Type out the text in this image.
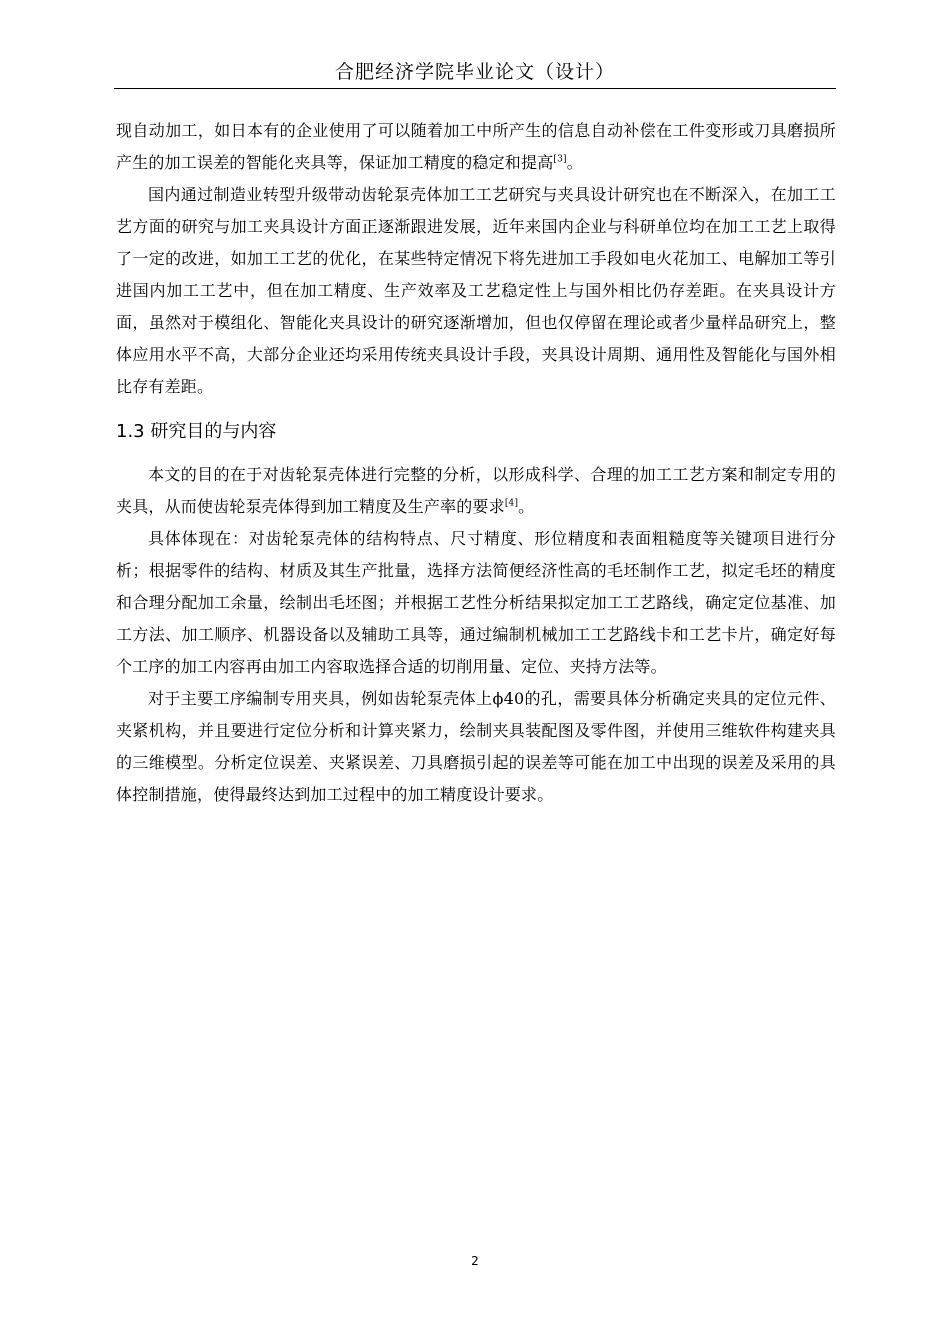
合肥经济学院毕业论文（设计）

现自动加工，如日本有的企业使用了可以随着加工中所产生的信息自动补偿在工件变形或刀具磨损所产生的加工误差的智能化夹具等，保证加工精度的稳定和提高[3]。

国内通过制造业转型升级带动齿轮泵壳体加工工艺研究与夹具设计研究也在不断深入，在加工工艺方面的研究与加工夹具设计方面正逐渐跟进发展，近年来国内企业与科研单位均在加工工艺上取得了一定的改进，如加工工艺的优化，在某些特定情况下将先进加工手段如电火花加工、电解加工等引进国内加工工艺中，但在加工精度、生产效率及工艺稳定性上与国外相比仍存差距。在夹具设计方面，虽然对于模组化、智能化夹具设计的研究逐渐增加，但也仅停留在理论或者少量样品研究上，整体应用水平不高，大部分企业还均采用传统夹具设计手段，夹具设计周期、通用性及智能化与国外相比存有差距。

1.3 研究目的与内容

本文的目的在于对齿轮泵壳体进行完整的分析，以形成科学、合理的加工工艺方案和制定专用的夹具，从而使齿轮泵壳体得到加工精度及生产率的要求[4]。

具体体现在：对齿轮泵壳体的结构特点、尺寸精度、形位精度和表面粗糙度等关键项目进行分析；根据零件的结构、材质及其生产批量，选择方法简便经济性高的毛坯制作工艺，拟定毛坯的精度和合理分配加工余量，绘制出毛坯图；并根据工艺性分析结果拟定加工工艺路线，确定定位基准、加工方法、加工顺序、机器设备以及辅助工具等，通过编制机械加工工艺路线卡和工艺卡片，确定好每个工序的加工内容再由加工内容取选择合适的切削用量、定位、夹持方法等。

对于主要工序编制专用夹具，例如齿轮泵壳体上ϕ40的孔，需要具体分析确定夹具的定位元件、夹紧机构，并且要进行定位分析和计算夹紧力，绘制夹具装配图及零件图，并使用三维软件构建夹具的三维模型。分析定位误差、夹紧误差、刀具磨损引起的误差等可能在加工中出现的误差及采用的具体控制措施，使得最终达到加工过程中的加工精度设计要求。

2
